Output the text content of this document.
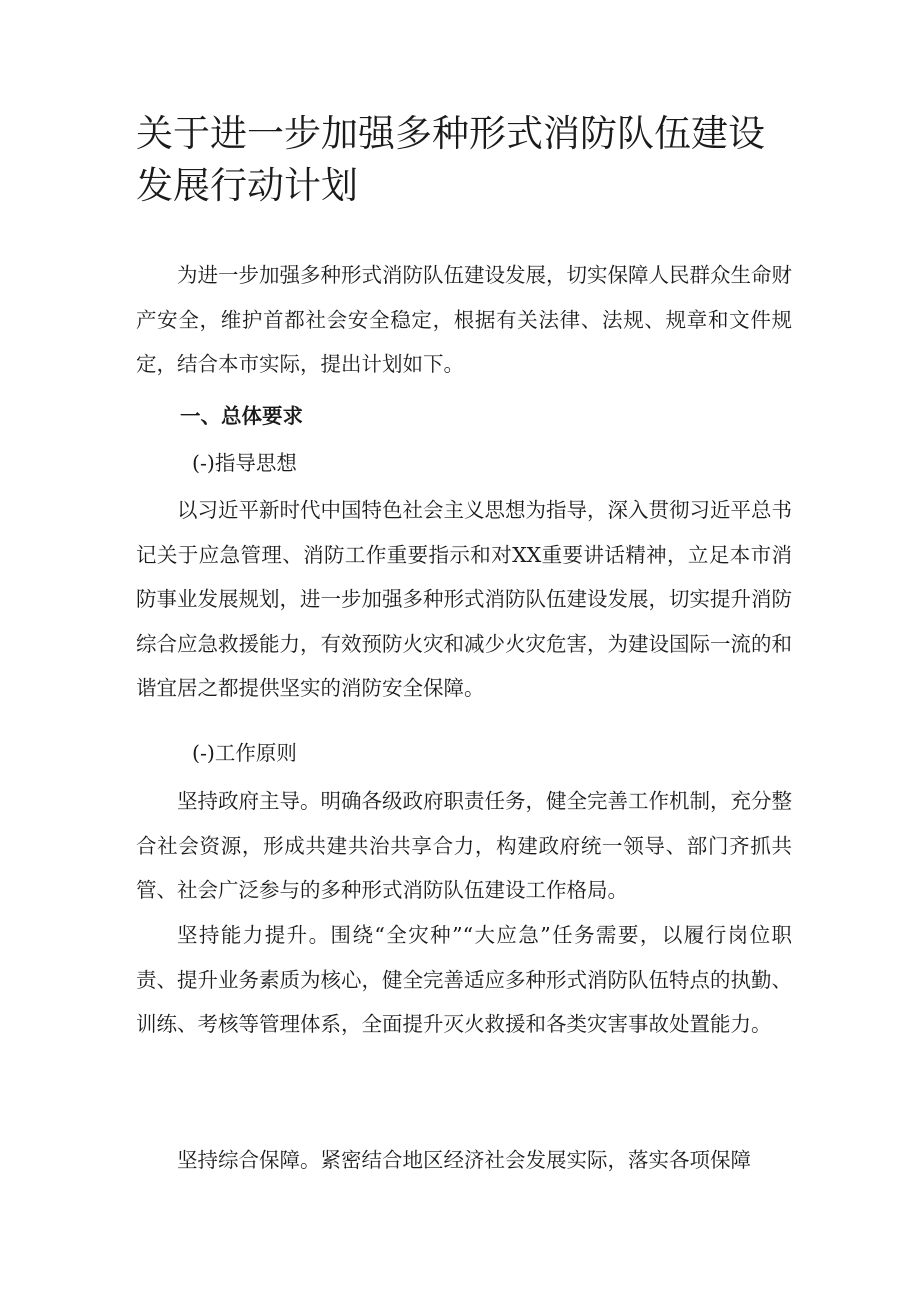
关于进一步加强多种形式消防队伍建设发展行动计划

为进一步加强多种形式消防队伍建设发展，切实保障人民群众生命财产安全，维护首都社会安全稳定，根据有关法律、法规、规章和文件规定，结合本市实际，提出计划如下。

一、总体要求

(-)指导思想

以习近平新时代中国特色社会主义思想为指导，深入贯彻习近平总书记关于应急管理、消防工作重要指示和对XX重要讲话精神，立足本市消防事业发展规划，进一步加强多种形式消防队伍建设发展，切实提升消防综合应急救援能力，有效预防火灾和减少火灾危害，为建设国际一流的和谐宜居之都提供坚实的消防安全保障。

(-)工作原则

坚持政府主导。明确各级政府职责任务，健全完善工作机制，充分整合社会资源，形成共建共治共享合力，构建政府统一领导、部门齐抓共管、社会广泛参与的多种形式消防队伍建设工作格局。

坚持能力提升。围绕“全灾种”“大应急”任务需要，以履行岗位职责、提升业务素质为核心，健全完善适应多种形式消防队伍特点的执勤、训练、考核等管理体系，全面提升灭火救援和各类灾害事故处置能力。

坚持综合保障。紧密结合地区经济社会发展实际，落实各项保障
